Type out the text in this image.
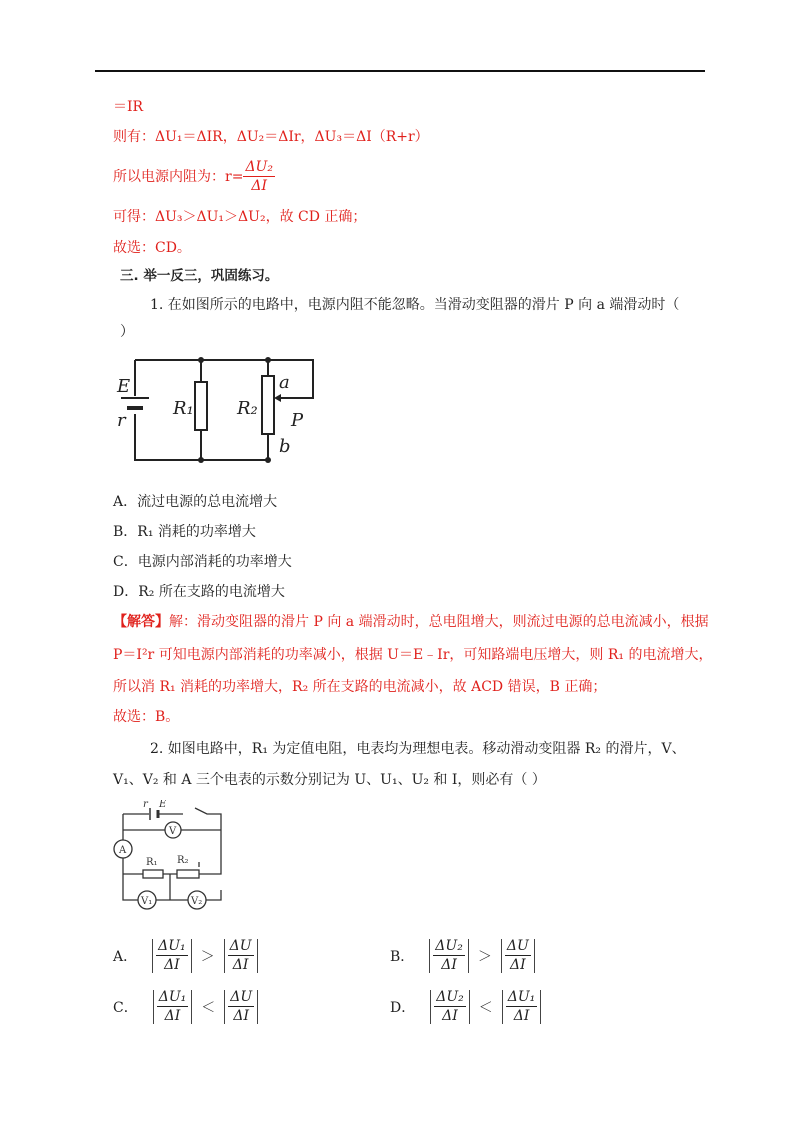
＝IR
则有：ΔU₁＝ΔIR，ΔU₂＝ΔIr，ΔU₃＝ΔI（R+r）
所以电源内阻为： $r= \frac{\text{ΔU₂}}{\Delta I}$
可得：ΔU₃＞ΔU₁＞ΔU₂，故 CD 正确；
故选：CD。
三. 举一反三，巩固练习。
1. 在如图所示的电路中，电源内阻不能忽略。当滑动变阻器的滑片 P 向 a 端滑动时（
）
E
r
R₁ R₂
a
P
b
A．流过电源的总电流增大
B．R₁ 消耗的功率增大
C．电源内部消耗的功率增大
D．R₂ 所在支路的电流增大
【解答】解：滑动变阻器的滑片 P 向 a 端滑动时，总电阻增大，则流过电源的总电流减小，根据
P＝I²r 可知电源内部消耗的功率减小，根据 U＝E﹣Ir，可知路端电压增大，则 R₁ 的电流增大，
所以消 R₁ 消耗的功率增大，R₂ 所在支路的电流减小，故 ACD 错误，B 正确；
故选：B。
2. 如图电路中，R₁ 为定值电阻，电表均为理想电表。移动滑动变阻器 R₂ 的滑片，V、
V₁、V₂ 和 A 三个电表的示数分别记为 U、U₁、U₂ 和 I，则必有（ ）
r E
V
A
R₁ R₂
V₁	V₂
A． $\frac{\text{ΔU₁}}{\Delta I} > \frac{\Delta U}{\Delta I}$	B． $\frac{\text{ΔU₂}}{\Delta I} > \frac{\Delta U}{\Delta I}$
C． $\frac{\text{ΔU₁}}{\Delta I} < \frac{\Delta U}{\Delta I}$	D． $\frac{\text{ΔU₂}}{\Delta I} < \frac{\text{ΔU₁}}{\Delta I}$
